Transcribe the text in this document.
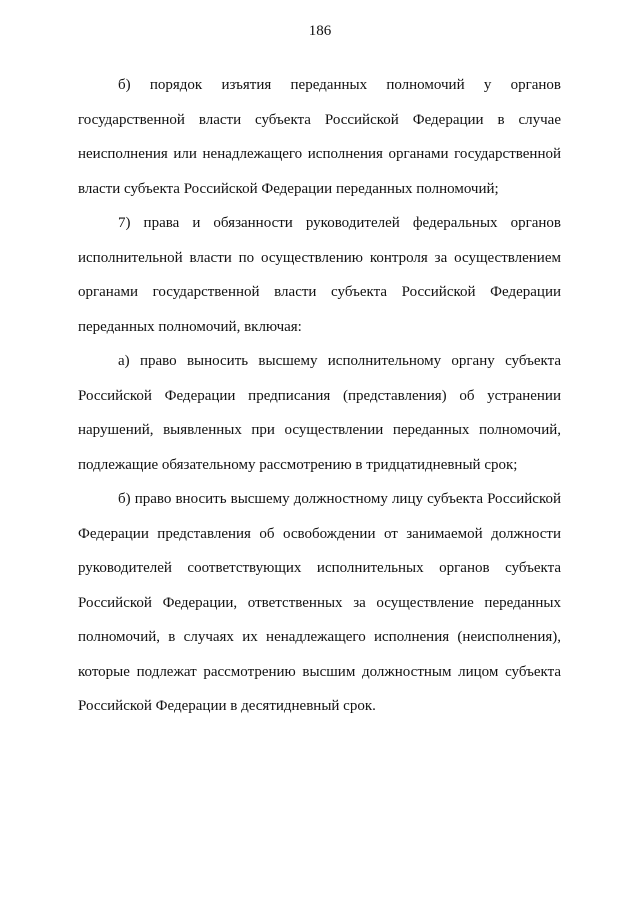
186
б) порядок изъятия переданных полномочий у органов
государственной власти субъекта Российской Федерации в случае
неисполнения или ненадлежащего исполнения органами государственной
власти субъекта Российской Федерации переданных полномочий;
7) права и обязанности руководителей федеральных органов
исполнительной власти по осуществлению контроля за осуществлением
органами государственной власти субъекта Российской Федерации
переданных полномочий, включая:
а) право выносить высшему исполнительному органу субъекта
Российской Федерации предписания (представления) об устранении
нарушений, выявленных при осуществлении переданных полномочий,
подлежащие обязательному рассмотрению в тридцатидневный срок;
б) право вносить высшему должностному лицу субъекта Российской
Федерации представления об освобождении от занимаемой должности
руководителей соответствующих исполнительных органов субъекта
Российской Федерации, ответственных за осуществление переданных
полномочий, в случаях их ненадлежащего исполнения (неисполнения),
которые подлежат рассмотрению высшим должностным лицом субъекта
Российской Федерации в десятидневный срок.
